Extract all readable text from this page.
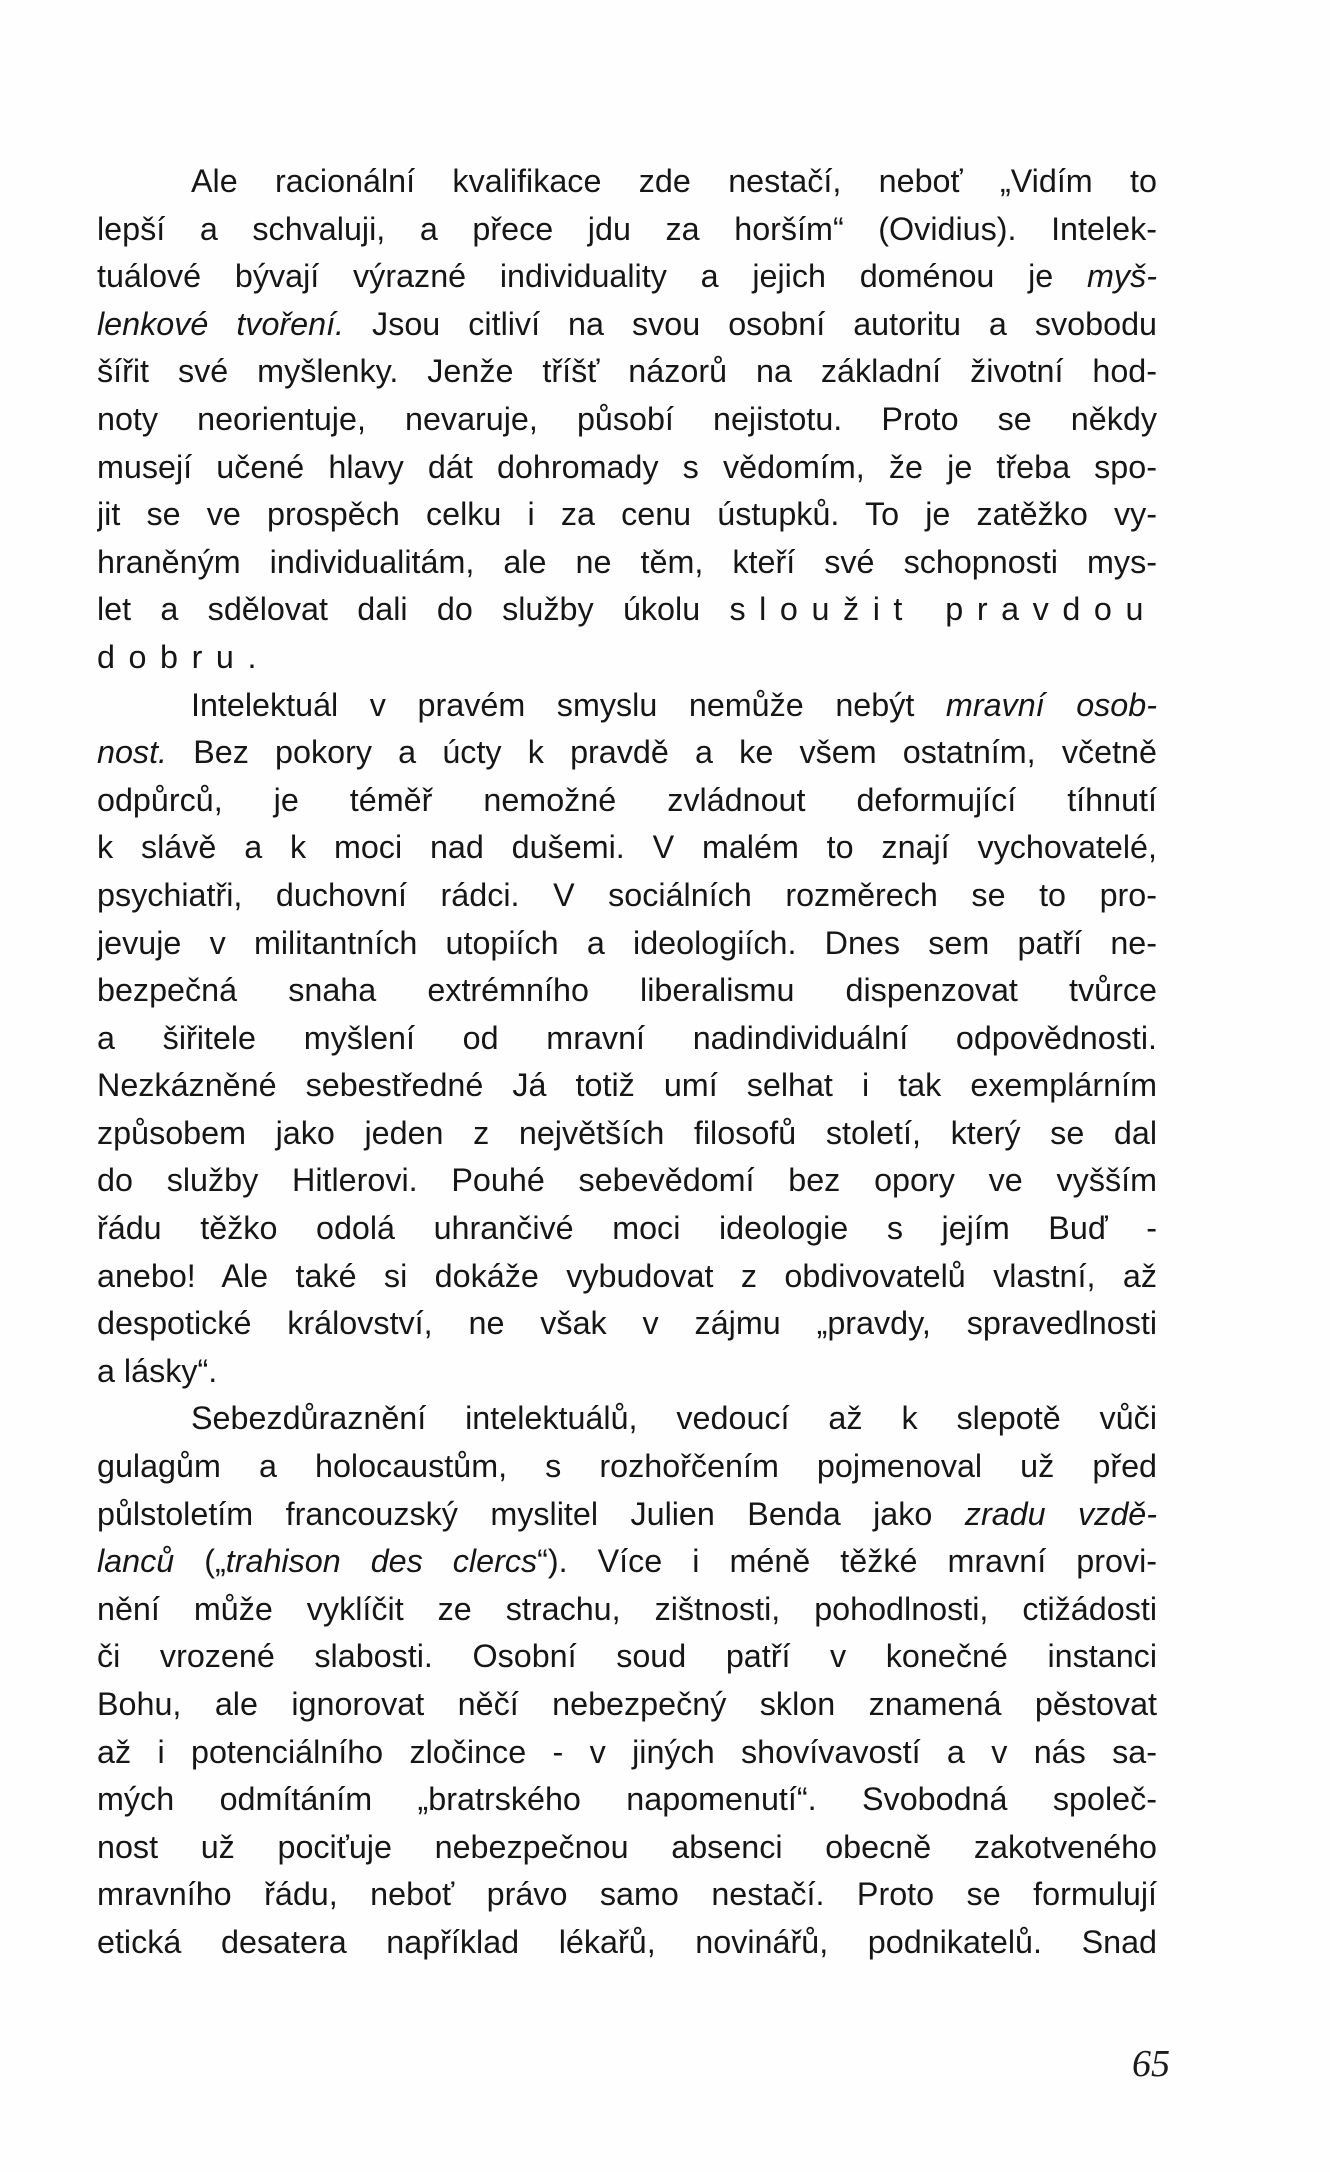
Ale racionální kvalifikace zde nestačí, neboť „Vidím to
lepší a schvaluji, a přece jdu za horším“ (Ovidius). Intelek-
tuálové bývají výrazné individuality a jejich doménou je myš-
lenkové tvoření. Jsou citliví na svou osobní autoritu a svobodu
šířit své myšlenky. Jenže tříšť názorů na základní životní hod-
noty neorientuje, nevaruje, působí nejistotu. Proto se někdy
musejí učené hlavy dát dohromady s vědomím, že je třeba spo-
jit se ve prospěch celku i za cenu ústupků. To je zatěžko vy-
hraněným individualitám, ale ne těm, kteří své schopnosti mys-
let a sdělovat dali do služby úkolu sloužit pravdou
dobru.
Intelektuál v pravém smyslu nemůže nebýt mravní osob-
nost. Bez pokory a úcty k pravdě a ke všem ostatním, včetně
odpůrců, je téměř nemožné zvládnout deformující tíhnutí
k slávě a k moci nad dušemi. V malém to znají vychovatelé,
psychiatři, duchovní rádci. V sociálních rozměrech se to pro-
jevuje v militantních utopiích a ideologiích. Dnes sem patří ne-
bezpečná snaha extrémního liberalismu dispenzovat tvůrce
a šiřitele myšlení od mravní nadindividuální odpovědnosti.
Nezkázněné sebestředné Já totiž umí selhat i tak exemplárním
způsobem jako jeden z největších filosofů století, který se dal
do služby Hitlerovi. Pouhé sebevědomí bez opory ve vyšším
řádu těžko odolá uhrančivé moci ideologie s jejím Buď -
anebo! Ale také si dokáže vybudovat z obdivovatelů vlastní, až
despotické království, ne však v zájmu „pravdy, spravedlnosti
a lásky“.
Sebezdůraznění intelektuálů, vedoucí až k slepotě vůči
gulagům a holocaustům, s rozhořčením pojmenoval už před
půlstoletím francouzský myslitel Julien Benda jako zradu vzdě-
lanců („trahison des clercs“). Více i méně těžké mravní provi-
nění může vyklíčit ze strachu, zištnosti, pohodlnosti, ctižádosti
či vrozené slabosti. Osobní soud patří v konečné instanci
Bohu, ale ignorovat něčí nebezpečný sklon znamená pěstovat
až i potenciálního zločince - v jiných shovívavostí a v nás sa-
mých odmítáním „bratrského napomenutí“. Svobodná společ-
nost už pociťuje nebezpečnou absenci obecně zakotveného
mravního řádu, neboť právo samo nestačí. Proto se formulují
etická desatera například lékařů, novinářů, podnikatelů. Snad
65
